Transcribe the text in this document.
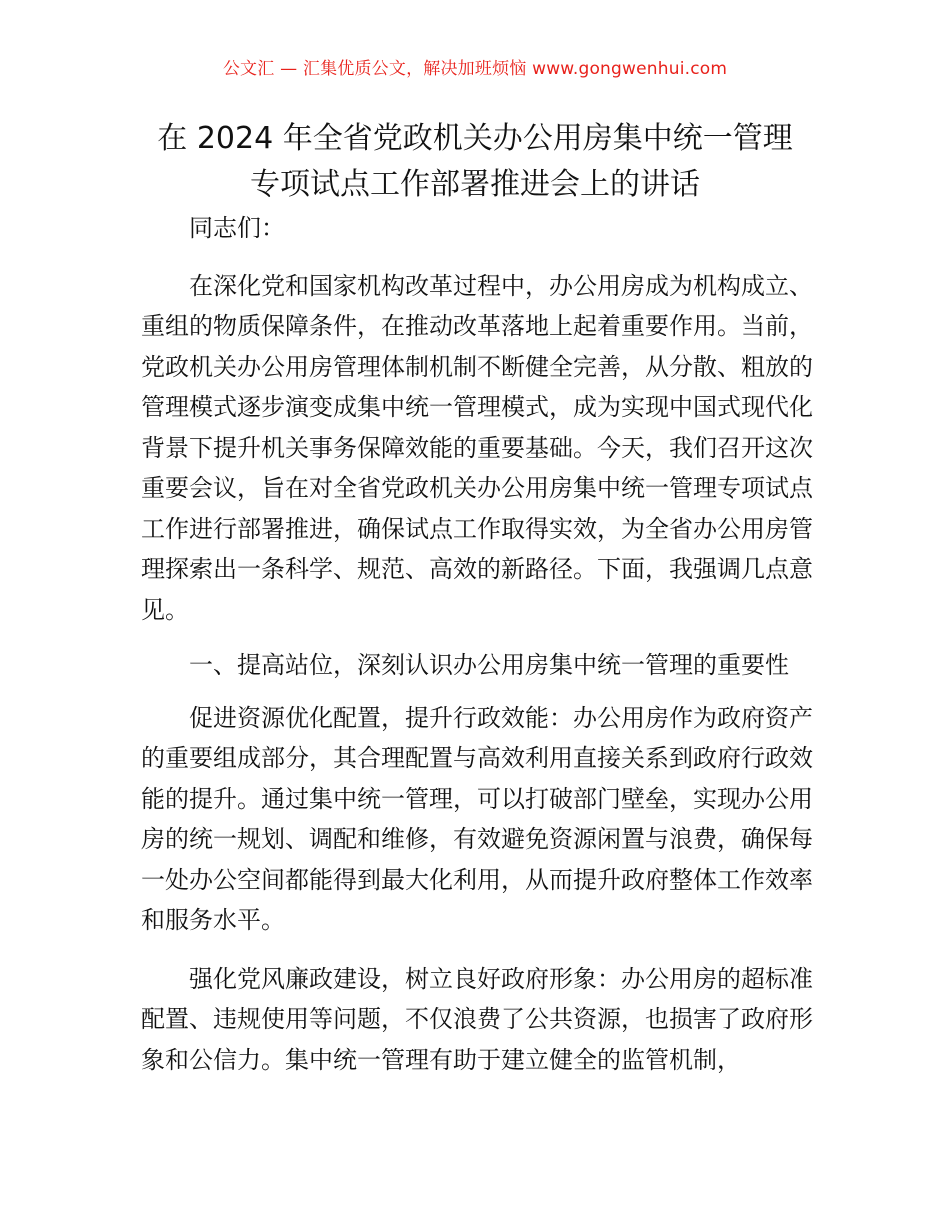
公文汇 — 汇集优质公文，解决加班烦恼 www.gongwenhui.com
在 2024 年全省党政机关办公用房集中统一管理
专项试点工作部署推进会上的讲话

同志们：

在深化党和国家机构改革过程中，办公用房成为机构成立、重组的物质保障条件，在推动改革落地上起着重要作用。当前，党政机关办公用房管理体制机制不断健全完善，从分散、粗放的管理模式逐步演变成集中统一管理模式，成为实现中国式现代化背景下提升机关事务保障效能的重要基础。今天，我们召开这次重要会议，旨在对全省党政机关办公用房集中统一管理专项试点工作进行部署推进，确保试点工作取得实效，为全省办公用房管理探索出一条科学、规范、高效的新路径。下面，我强调几点意见。

一、提高站位，深刻认识办公用房集中统一管理的重要性

促进资源优化配置，提升行政效能：办公用房作为政府资产的重要组成部分，其合理配置与高效利用直接关系到政府行政效能的提升。通过集中统一管理，可以打破部门壁垒，实现办公用房的统一规划、调配和维修，有效避免资源闲置与浪费，确保每一处办公空间都能得到最大化利用，从而提升政府整体工作效率和服务水平。

强化党风廉政建设，树立良好政府形象：办公用房的超标准配置、违规使用等问题，不仅浪费了公共资源，也损害了政府形象和公信力。集中统一管理有助于建立健全的监管机制，
